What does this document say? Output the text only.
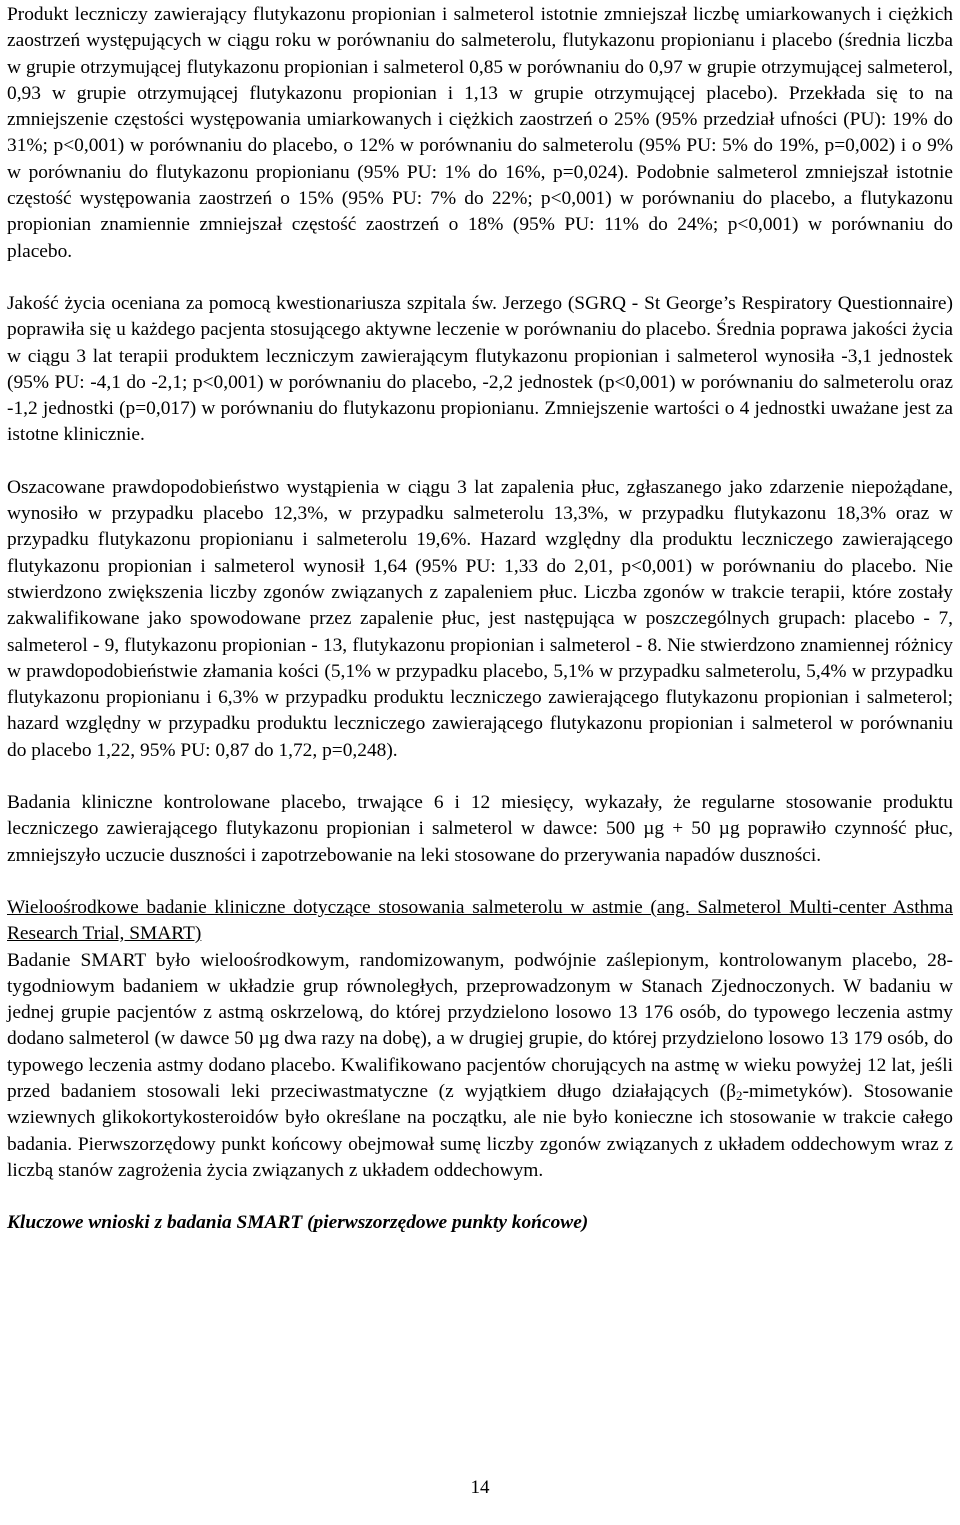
Produkt leczniczy zawierający flutykazonu propionian i salmeterol istotnie zmniejszał liczbę umiarkowanych i ciężkich zaostrzeń występujących w ciągu roku w porównaniu do salmeterolu, flutykazonu propionianu i placebo (średnia liczba w grupie otrzymującej flutykazonu propionian i salmeterol 0,85 w porównaniu do 0,97 w grupie otrzymującej salmeterol, 0,93 w grupie otrzymującej flutykazonu propionian i 1,13 w grupie otrzymującej placebo). Przekłada się to na zmniejszenie częstości występowania umiarkowanych i ciężkich zaostrzeń o 25% (95% przedział ufności (PU): 19% do 31%; p<0,001) w porównaniu do placebo, o 12% w porównaniu do salmeterolu (95% PU: 5% do 19%, p=0,002) i o 9% w porównaniu do flutykazonu propionianu (95% PU: 1% do 16%, p=0,024). Podobnie salmeterol zmniejszał istotnie częstość występowania zaostrzeń o 15% (95% PU: 7% do 22%; p<0,001) w porównaniu do placebo, a flutykazonu propionian znamiennie zmniejszał częstość zaostrzeń o 18% (95% PU: 11% do 24%; p<0,001) w porównaniu do placebo.

Jakość życia oceniana za pomocą kwestionariusza szpitala św. Jerzego (SGRQ - St George’s Respiratory Questionnaire) poprawiła się u każdego pacjenta stosującego aktywne leczenie w porównaniu do placebo. Średnia poprawa jakości życia w ciągu 3 lat terapii produktem leczniczym zawierającym flutykazonu propionian i salmeterol wynosiła -3,1 jednostek (95% PU: -4,1 do -2,1; p<0,001) w porównaniu do placebo, -2,2 jednostek (p<0,001) w porównaniu do salmeterolu oraz -1,2 jednostki (p=0,017) w porównaniu do flutykazonu propionianu. Zmniejszenie wartości o 4 jednostki uważane jest za istotne klinicznie.

Oszacowane prawdopodobieństwo wystąpienia w ciągu 3 lat zapalenia płuc, zgłaszanego jako zdarzenie niepożądane, wynosiło w przypadku placebo 12,3%, w przypadku salmeterolu 13,3%, w przypadku flutykazonu 18,3% oraz w przypadku flutykazonu propionianu i salmeterolu 19,6%. Hazard względny dla produktu leczniczego zawierającego flutykazonu propionian i salmeterol wynosił 1,64 (95% PU: 1,33 do 2,01, p<0,001) w porównaniu do placebo. Nie stwierdzono zwiększenia liczby zgonów związanych z zapaleniem płuc. Liczba zgonów w trakcie terapii, które zostały zakwalifikowane jako spowodowane przez zapalenie płuc, jest następująca w poszczególnych grupach: placebo - 7, salmeterol - 9, flutykazonu propionian - 13, flutykazonu propionian i salmeterol - 8. Nie stwierdzono znamiennej różnicy w prawdopodobieństwie złamania kości (5,1% w przypadku placebo, 5,1% w przypadku salmeterolu, 5,4% w przypadku flutykazonu propionianu i 6,3% w przypadku produktu leczniczego zawierającego flutykazonu propionian i salmeterol; hazard względny w przypadku produktu leczniczego zawierającego flutykazonu propionian i salmeterol w porównaniu do placebo 1,22, 95% PU: 0,87 do 1,72, p=0,248).

Badania kliniczne kontrolowane placebo, trwające 6 i 12 miesięcy, wykazały, że regularne stosowanie produktu leczniczego zawierającego flutykazonu propionian i salmeterol w dawce: 500 µg + 50 µg poprawiło czynność płuc, zmniejszyło uczucie duszności i zapotrzebowanie na leki stosowane do przerywania napadów duszności.

Wieloośrodkowe badanie kliniczne dotyczące stosowania salmeterolu w astmie (ang. Salmeterol Multi-center Asthma Research Trial, SMART)

Badanie SMART było wieloośrodkowym, randomizowanym, podwójnie zaślepionym, kontrolowanym placebo, 28-tygodniowym badaniem w układzie grup równoległych, przeprowadzonym w Stanach Zjednoczonych. W badaniu w jednej grupie pacjentów z astmą oskrzelową, do której przydzielono losowo 13 176 osób, do typowego leczenia astmy dodano salmeterol (w dawce 50 µg dwa razy na dobę), a w drugiej grupie, do której przydzielono losowo 13 179 osób, do typowego leczenia astmy dodano placebo. Kwalifikowano pacjentów chorujących na astmę w wieku powyżej 12 lat, jeśli przed badaniem stosowali leki przeciwastmatyczne (z wyjątkiem długo działających $(\beta_2-mimetyków)$. Stosowanie wziewnych glikokortykosteroidów było określane na początku, ale nie było konieczne ich stosowanie w trakcie całego badania. Pierwszorzędowy punkt końcowy obejmował sumę liczby zgonów związanych z układem oddechowym wraz z liczbą stanów zagrożenia życia związanych z układem oddechowym.

Kluczowe wnioski z badania SMART (pierwszorzędowe punkty końcowe)

14
